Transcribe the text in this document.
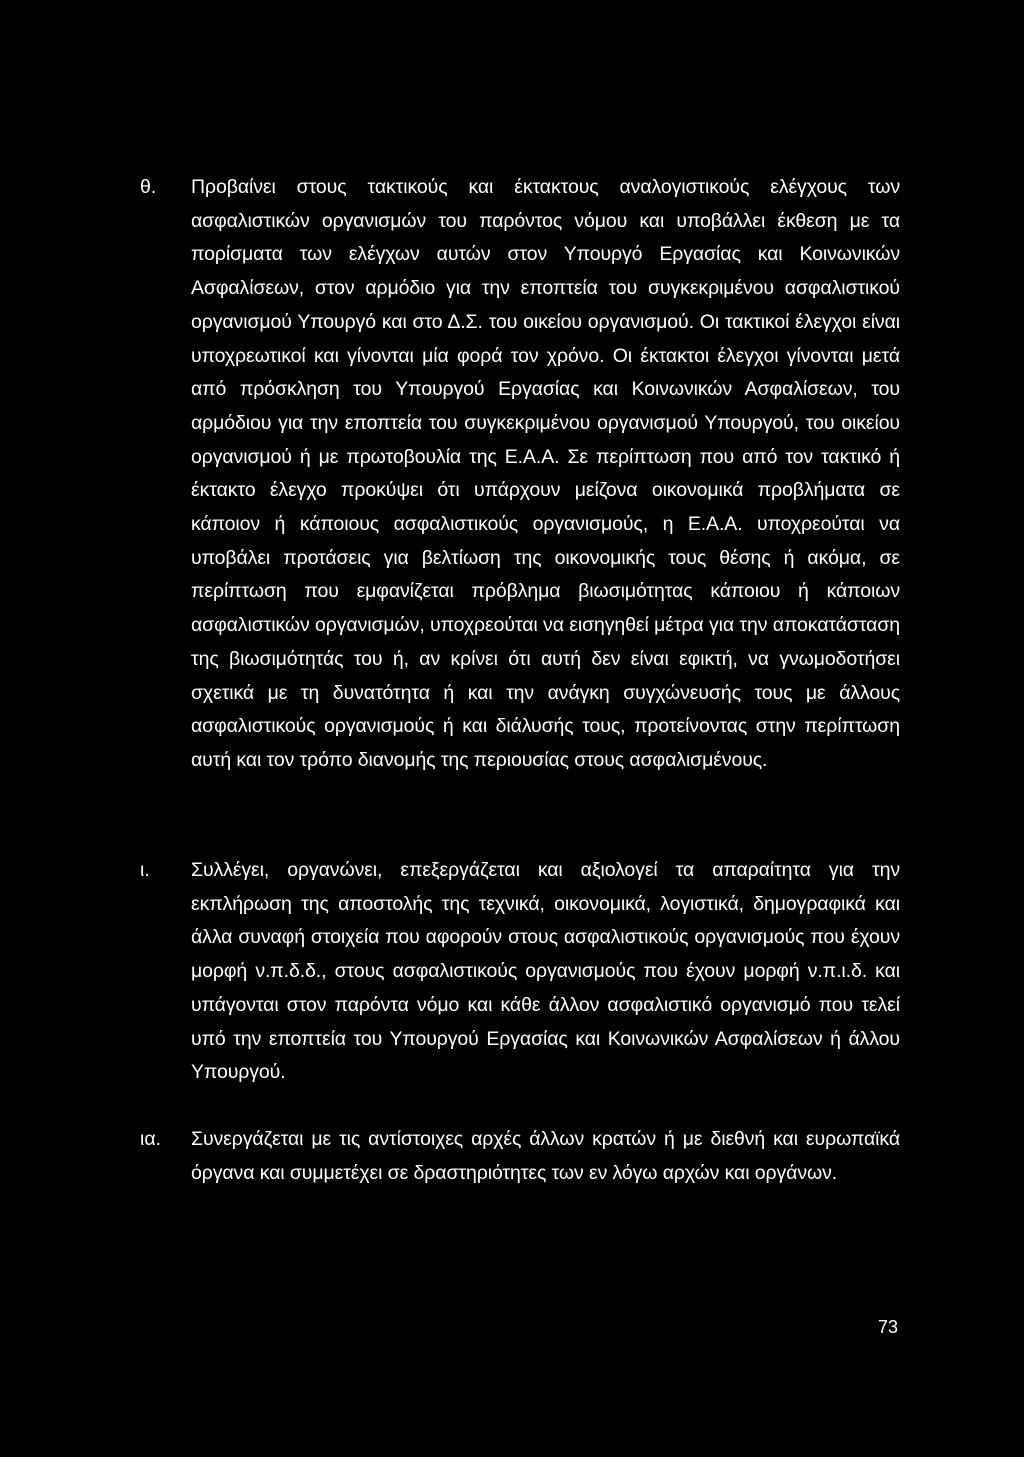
θ. Προβαίνει στους τακτικούς και έκτακτους αναλογιστικούς ελέγχους των ασφαλιστικών οργανισμών του παρόντος νόμου και υποβάλλει έκθεση με τα πορίσματα των ελέγχων αυτών στον Υπουργό Εργασίας και Κοινωνικών Ασφαλίσεων, στον αρμόδιο για την εποπτεία του συγκεκριμένου ασφαλιστικού οργανισμού Υπουργό και στο Δ.Σ. του οικείου οργανισμού. Οι τακτικοί έλεγχοι είναι υποχρεωτικοί και γίνονται μία φορά τον χρόνο. Οι έκτακτοι έλεγχοι γίνονται μετά από πρόσκληση του Υπουργού Εργασίας και Κοινωνικών Ασφαλίσεων, του αρμόδιου για την εποπτεία του συγκεκριμένου οργανισμού Υπουργού, του οικείου οργανισμού ή με πρωτοβουλία της Ε.Α.Α. Σε περίπτωση που από τον τακτικό ή έκτακτο έλεγχο προκύψει ότι υπάρχουν μείζονα οικονομικά προβλήματα σε κάποιον ή κάποιους ασφαλιστικούς οργανισμούς, η Ε.Α.Α. υποχρεούται να υποβάλει προτάσεις για βελτίωση της οικονομικής τους θέσης ή ακόμα, σε περίπτωση που εμφανίζεται πρόβλημα βιωσιμότητας κάποιου ή κάποιων ασφαλιστικών οργανισμών, υποχρεούται να εισηγηθεί μέτρα για την αποκατάσταση της βιωσιμότητάς του ή, αν κρίνει ότι αυτή δεν είναι εφικτή, να γνωμοδοτήσει σχετικά με τη δυνατότητα ή και την ανάγκη συγχώνευσής τους με άλλους ασφαλιστικούς οργανισμούς ή και διάλυσής τους, προτείνοντας στην περίπτωση αυτή και τον τρόπο διανομής της περιουσίας στους ασφαλισμένους.

ι. Συλλέγει, οργανώνει, επεξεργάζεται και αξιολογεί τα απαραίτητα για την εκπλήρωση της αποστολής της τεχνικά, οικονομικά, λογιστικά, δημογραφικά και άλλα συναφή στοιχεία που αφορούν στους ασφαλιστικούς οργανισμούς που έχουν μορφή ν.π.δ.δ., στους ασφαλιστικούς οργανισμούς που έχουν μορφή ν.π.ι.δ. και υπάγονται στον παρόντα νόμο και κάθε άλλον ασφαλιστικό οργανισμό που τελεί υπό την εποπτεία του Υπουργού Εργασίας και Κοινωνικών Ασφαλίσεων ή άλλου Υπουργού.

ια. Συνεργάζεται με τις αντίστοιχες αρχές άλλων κρατών ή με διεθνή και ευρωπαϊκά όργανα και συμμετέχει σε δραστηριότητες των εν λόγω αρχών και οργάνων.

73
